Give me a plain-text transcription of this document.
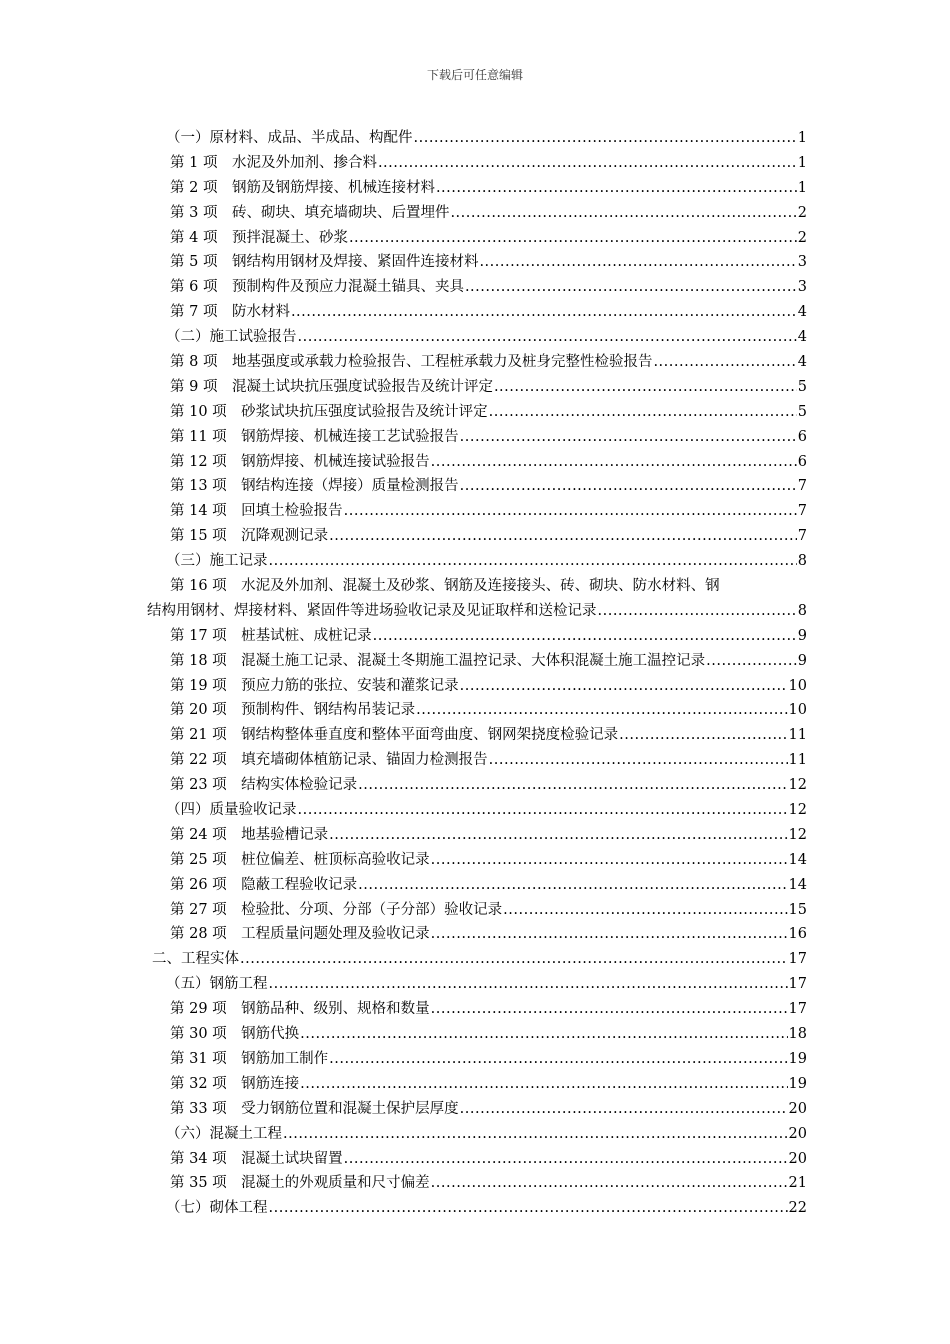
下载后可任意编辑
（一）原材料、成品、半成品、构配件 .....	1
第 1 项　水泥及外加剂、掺合料 .....	1
第 2 项　钢筋及钢筋焊接、机械连接材料 .....	1
第 3 项　砖、砌块、填充墙砌块、后置埋件 .....	2
第 4 项　预拌混凝土、砂浆 .....	2
第 5 项　钢结构用钢材及焊接、紧固件连接材料 .....	3
第 6 项　预制构件及预应力混凝土锚具、夹具 .....	3
第 7 项　防水材料 .....	4
（二）施工试验报告 .....	4
第 8 项　地基强度或承载力检验报告、工程桩承载力及桩身完整性检验报告 .....	4
第 9 项　混凝土试块抗压强度试验报告及统计评定 .....	5
第 10 项　砂浆试块抗压强度试验报告及统计评定 .....	5
第 11 项　钢筋焊接、机械连接工艺试验报告 .....	6
第 12 项　钢筋焊接、机械连接试验报告 .....	6
第 13 项　钢结构连接（焊接）质量检测报告 .....	7
第 14 项　回填土检验报告 .....	7
第 15 项　沉降观测记录 .....	7
（三）施工记录 .....	8
第 16 项　水泥及外加剂、混凝土及砂浆、钢筋及连接接头、砖、砌块、防水材料、钢
结构用钢材、焊接材料、紧固件等进场验收记录及见证取样和送检记录 .....	8
第 17 项　桩基试桩、成桩记录 .....	9
第 18 项　混凝土施工记录、混凝土冬期施工温控记录、大体积混凝土施工温控记录 .....	9
第 19 项　预应力筋的张拉、安装和灌浆记录 .....	10
第 20 项　预制构件、钢结构吊装记录 .....	10
第 21 项　钢结构整体垂直度和整体平面弯曲度、钢网架挠度检验记录 .....	11
第 22 项　填充墙砌体植筋记录、锚固力检测报告 .....	11
第 23 项　结构实体检验记录 .....	12
（四）质量验收记录 .....	12
第 24 项　地基验槽记录 .....	12
第 25 项　桩位偏差、桩顶标高验收记录 .....	14
第 26 项　隐蔽工程验收记录 .....	14
第 27 项　检验批、分项、分部（子分部）验收记录 .....	15
第 28 项　工程质量问题处理及验收记录 .....	16
二、工程实体 .....	17
（五）钢筋工程 .....	17
第 29 项　钢筋品种、级别、规格和数量 .....	17
第 30 项　钢筋代换 .....	18
第 31 项　钢筋加工制作 .....	19
第 32 项　钢筋连接 .....	19
第 33 项　受力钢筋位置和混凝土保护层厚度 .....	20
（六）混凝土工程 .....	20
第 34 项　混凝土试块留置 .....	20
第 35 项　混凝土的外观质量和尺寸偏差 .....	21
（七）砌体工程 .....	22
